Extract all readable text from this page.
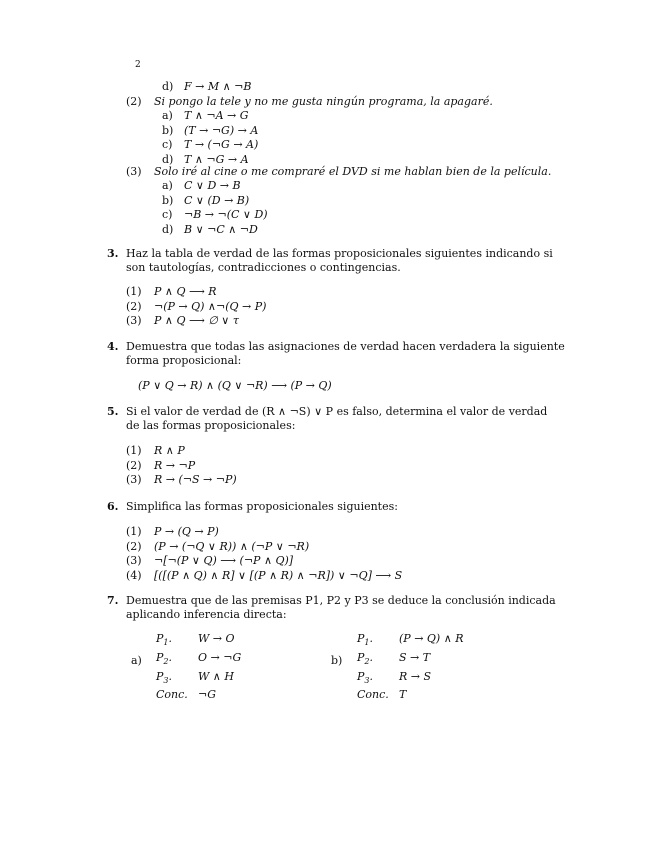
2
d) F → M ∧ ¬B
(2) Si pongo la tele y no me gusta ningún programa, la apagaré.
a) T ∧ ¬A → G
b) (T → ¬G) → A
c) T → (¬G → A)
d) T ∧ ¬G → A
(3) Solo iré al cine o me compraré el DVD si me hablan bien de la película.
a) C ∨ D → B
b) C ∨ (D → B)
c) ¬B → ¬(C ∨ D)
d) B ∨ ¬C ∧ ¬D
3. Haz la tabla de verdad de las formas proposicionales siguientes indicando si
son tautologías, contradicciones o contingencias.
(1) P ∧ Q ⟶ R
(2) ¬(P → Q) ∧¬(Q → P)
(3) P ∧ Q ⟶ ∅ ∨ τ
4. Demuestra que todas las asignaciones de verdad hacen verdadera la siguiente
forma proposicional:
(P ∨ Q → R) ∧ (Q ∨ ¬R) ⟶ (P → Q)
5. Si el valor de verdad de (R ∧ ¬S) ∨ P es falso, determina el valor de verdad
de las formas proposicionales:
(1) R ∧ P
(2) R → ¬P
(3) R → (¬S → ¬P)
6. Simplifica las formas proposicionales siguientes:
(1) P → (Q → P)
(2) (P → (¬Q ∨ R)) ∧ (¬P ∨ ¬R)
(3) ¬[¬(P ∨ Q) ⟶ (¬P ∧ Q)]
(4) [([(P ∧ Q) ∧ R] ∨ [(P ∧ R) ∧ ¬R]) ∨ ¬Q] ⟶ S
7. Demuestra que de las premisas P1, P2 y P3 se deduce la conclusión indicada
aplicando inferencia directa:
a)
$P_1$. W → O
$P_2$. O → ¬G
$P_3$. W ∧ H
Conc. ¬G
b)
$P_1$. (P → Q) ∧ R
$P_2$. S → T
$P_3$. R → S
Conc. T
